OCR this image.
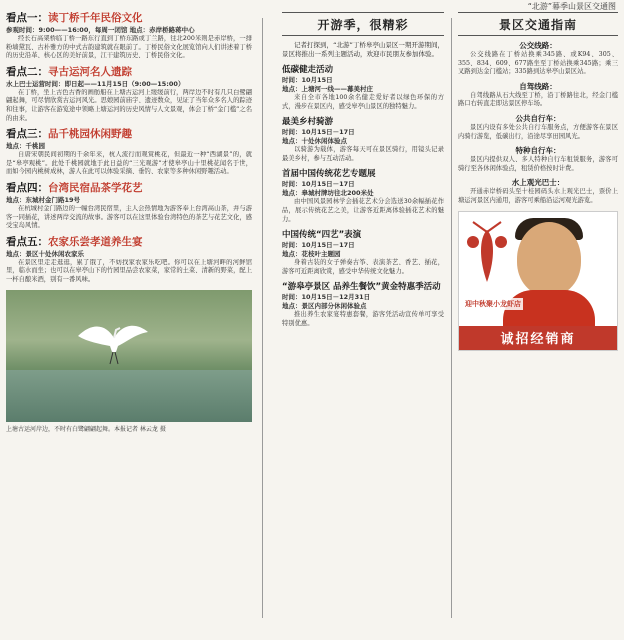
“北游”幕季山景区交通图
看点一：读丁桥千年民俗文化
参观时间：9:00——16:00，每周一闭馆 地点：赤岸桥路蒋中心
经长石高架桥临丁桥一路东行直到丁桥东路或丁兰路，往北200米则是赤岸桥，一排粉墙黛瓦、古朴雅方的中式古韵建筑就在眼前了。丁桥民俗文化展览馆向人们讲述着丁桥的历史沿革、核心区的美好前景，江干建筑历史、丁桥民俗文化。
看点二：寻古运河名人遗踪
水上巴士运营时间：即日起——11月15日（9:00—15:00）
在丁桥，坐上古色古香的画舫船在上塘古运河上缓缓前行，两岸边不时有几只白鹭翩翩起舞，可尽情欣赏古运河风光。思娘园前庙宇、遗迹数众，见证了当年众多名人的踪迹和往事，让游客在游览途中领略上塘运河的历史风情与人文景观，体会丁桥“金门槛”之名的由来。
看点三：品千桃园休闲野趣
地点：千桃园
自唐宋朝民间初期的千余年来，杭人流行而观赏桃花，但最近一种“西湖景”的，就是“皋亭观桃”。此处千桃园就地于此日益的“三光观游”才使皋亭山十里桃花闻名于世，而如今园内桃树成林，游人在此可以体验采摘、垂钓、农家等多种休闲野趣活动。
看点四：台湾民宿品茶学花艺
地点：东城村金门路19号
在杭城村金门路边的一幢台湾民宿里，主人会热情地为游客奉上台湾高山茶，并与游客一同插花，讲述两岸交流的故事。游客可以在这里体验台湾特色的茶艺与花艺文化，感受宝岛风情。
看点五：农家乐尝孝道养生宴
地点：景区十处休闲农家乐
在景区里走走逛逛，累了饿了，不妨找家农家乐吃吧。你可以在上塘河畔的河鲜馆里，临水而坐；也可以在皋亭山下的竹园里品尝农家菜，家常的土菜、清新的野菜，配上一杯自酿米酒，别有一番风味。
上塘古运河岸边，不时有白鹭翩翩起舞。本报记者 林云龙 摄
开游季，很精彩
记者打探到，“北游”丁桥皋亭山景区一期开游期间，景区将推出一系列主题活动，欢迎市民朋友参加体验。
低碳健走活动
时间：10月15日
地点：上塘河一线——幕美村庄
来自全市各地100余名健走爱好者以绿色环保的方式，漫步在景区内，感受皋亭山景区的独特魅力。
最美乡村骑游
时间：10月15日－17日
地点：十处休闲体验点
以骑游为载体，游客每天可在景区骑行，用镜头记录最美乡村，参与互动活动。
首届中国传统花艺专题展
时间：10月15日－17日
地点：皋城村牌坊往北200米处
由中国风景园林学会插花艺术分会选送30余幅插花作品，展示传统花艺之美，让游客近距离体验插花艺术的魅力。
中国传统“四艺”表演
时间：10月15日－17日
地点：花枝叶主题园
身着古装的女子弹奏古筝、表演茶艺、香艺、插花，游客可近距离欣赏，感受中华传统文化魅力。
“游皋亭景区 品养生餐饮”黄金特惠季活动
时间：10月15日－12月31日
地点：景区内部分休闲体验点
推出养生农家宴特惠套餐，游客凭活动宣传单可享受特别优惠。
景区交通指南
公交线路：
公交线路在丁桥站换乘345路、或K94、305、355、834、609、677路坐至丁桥站换乘345路；乘三叉路到达金门槛站；335路到达皋亭山景区站。
自驾线路：
自驾线路从石大线至丁桥，沿丁桥路往北，经金门槛路口右转直走即达景区停车场。
公共自行车：
景区内设有多处公共自行车服务点，方便游客在景区内骑行游览，低碳出行，沿途尽享田园风光。
特种自行车：
景区内提供双人、多人特种自行车租赁服务，游客可骑行至各休闲体验点，租赁价格按时计费。
水上观光巴士：
开通赤岸桥码头至十桂园码头水上观光巴士，票价上塘运河景区内通用，游客可乘船沿运河观光游览。
迎中秋聚小龙虾店
诚招经销商
